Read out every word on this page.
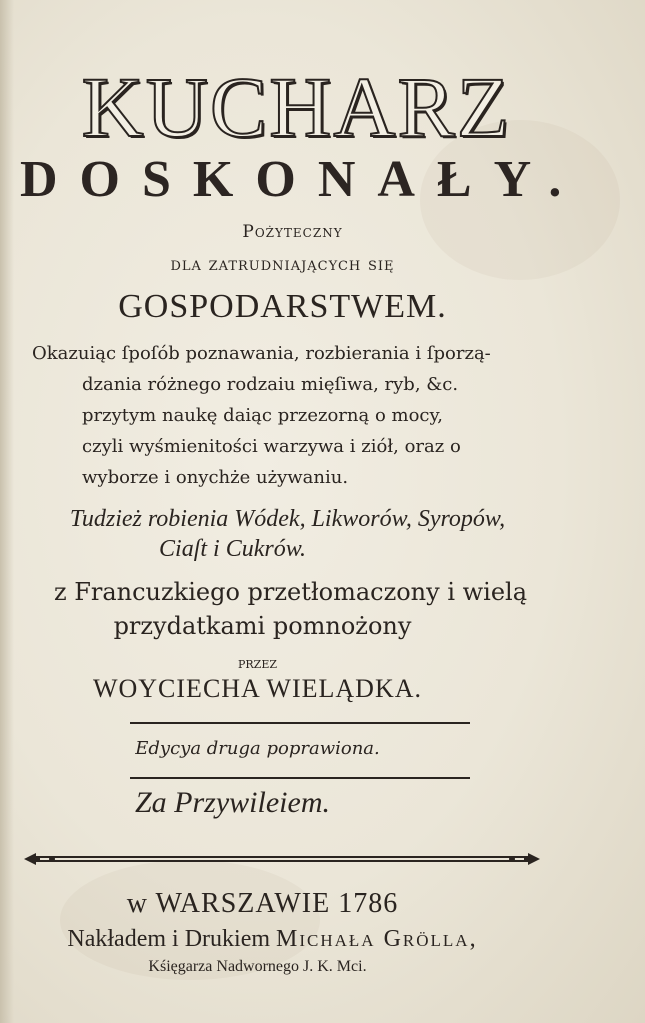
KUCHARZ
DOSKONAŁY.
Pożyteczny
dla zatrudniających się
GOSPODARSTWEM.
Okazuiąc ſpoſób poznawania, rozbierania i ſporzą-
dzania różnego rodzaiu mięſiwa, ryb, &c.
przytym naukę daiąc przezorną o mocy,
czyli wyśmienitości warzywa i ziół, oraz o
wyborze i onychże używaniu.
Tudzież robienia Wódek, Likworów, Syropów,
Ciaſt i Cukrów.
z Francuzkiego przetłomaczony i wielą
przydatkami pomnożony
przez
WOYCIECHA WIELĄDKA.
Edycya druga poprawiona.
Za Przywileiem.
w WARSZAWIE 1786
Nakładem i Drukiem Michała Grölla,
Kśięgarza Nadwornego J. K. Mci.
